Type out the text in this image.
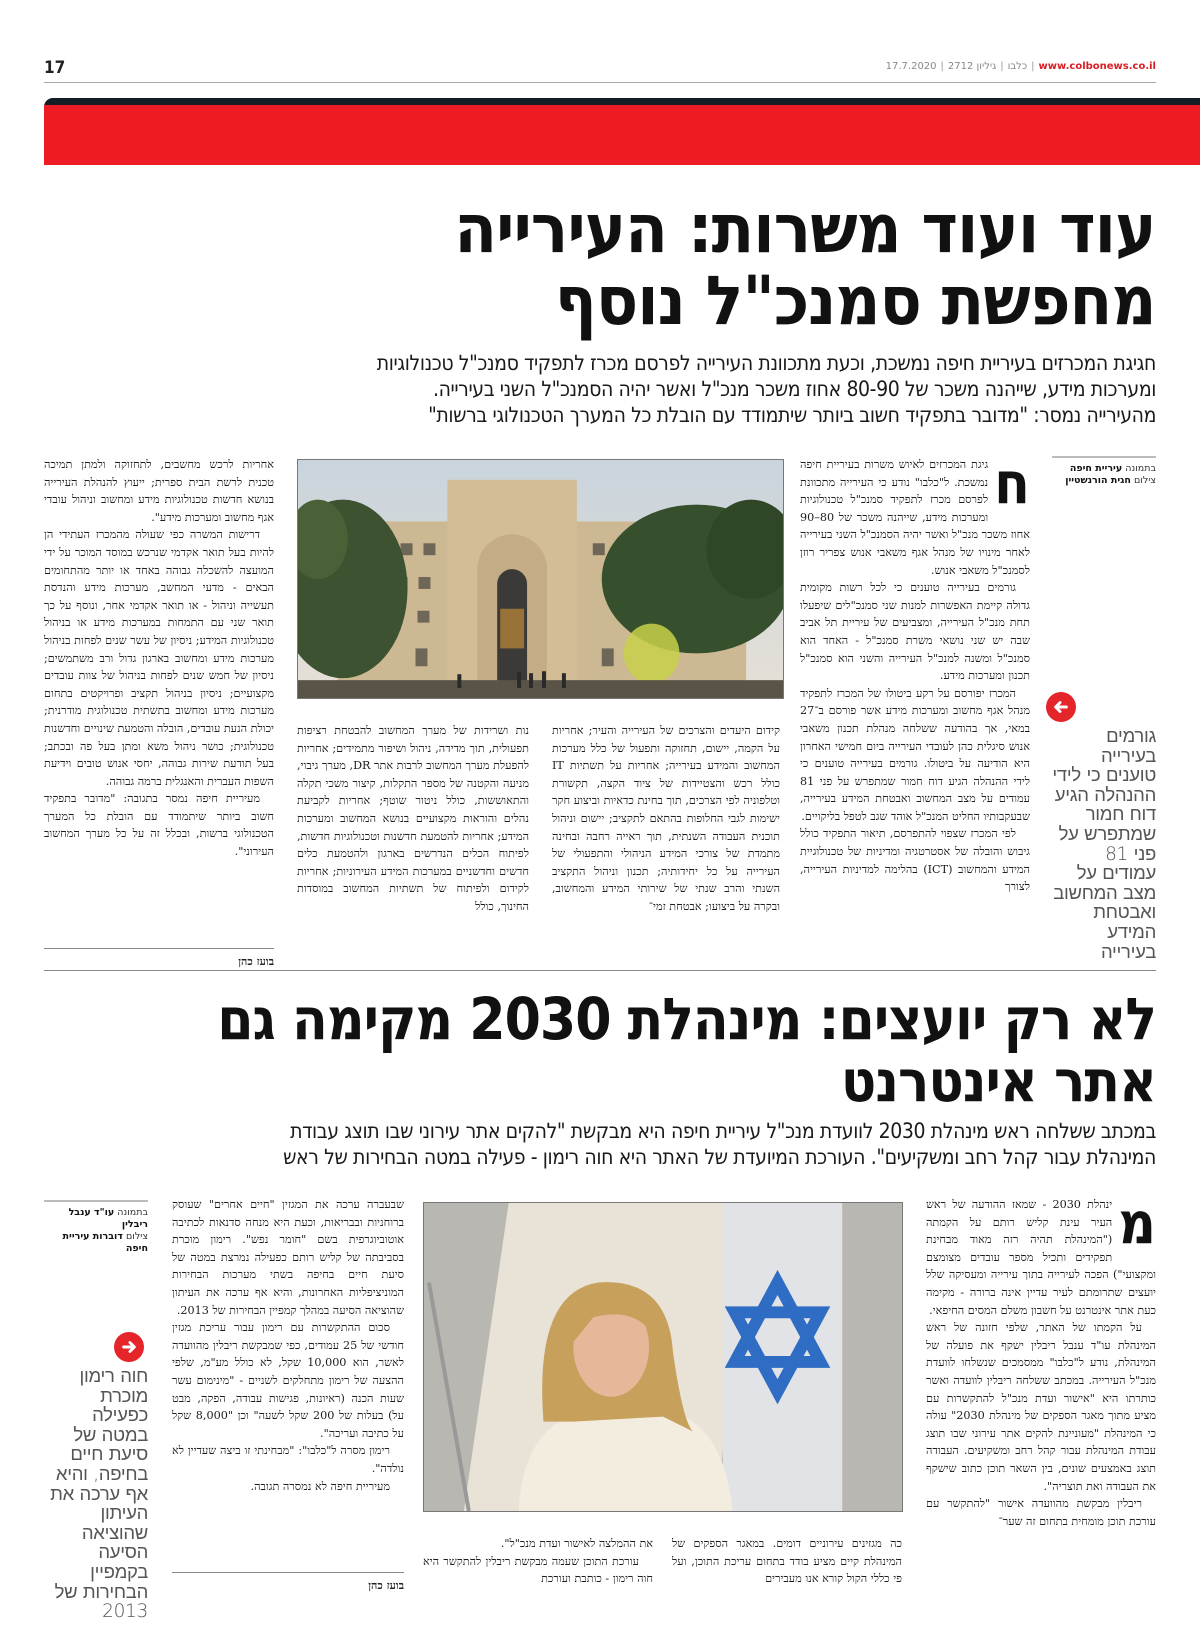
17	www.colbonews.co.il|כלבו|גיליון 2712|17.7.2020
עוד ועוד משרות: העירייה
מחפשת סמנכ"ל נוסף
חגיגת המכרזים בעיריית חיפה נמשכת, וכעת מתכוונת העירייה לפרסם מכרז לתפקיד סמנכ"ל טכנולוגיות
ומערכות מידע, שייהנה משכר של 80-90 אחוז משכר מנכ"ל ואשר יהיה הסמנכ"ל השני בעירייה.
מהעירייה נמסר: "מדובר בתפקיד חשוב ביותר שיתמודד עם הובלת כל המערך הטכנולוגי ברשות"
בתמונה עיריית חיפה
צילום חגית הורנשטיין
גורמים בעירייה טוענים כי לידי ההנהלה הגיע דוח חמור שמתפרש על פני 81 עמודים על מצב המחשוב ואבטחת המידע בעירייה
ח

גיגת המכרזים לאיוש משרות בעיריית חיפה נמשכת. ל"כלבו" נודע כי העירייה מתכוונת לפרסם מכרז לתפקיד סמנכ"ל טכנולוגיות ומערכות מידע, שייהנה משכר של 80–90 אחוז משכר מנכ"ל ואשר יהיה הסמנכ"ל השני בעירייה לאחר מינויו של מנהל אגף משאבי אנוש צפריר רוזן לסמנכ"ל משאבי אנוש.

גורמים בעירייה טוענים כי לכל רשות מקומית גדולה קיימת האפשרות למנות שני סמנכ"לים שיפעלו תחת מנכ"ל העירייה, ומצביעים של עיריית תל אביב שבה יש שני נושאי משרת סמנכ"ל - האחד הוא סמנכ"ל ומשנה למנכ"ל העירייה והשני הוא סמנכ"ל תכנון ומערכות מידע.

המכרז יפורסם על רקע ביטולו של המכרז לתפקיד מנהל אגף מחשוב ומערכות מידע אשר פורסם ב־27 במאי, אך בהודעה ששלחה מנהלת תכנון משאבי אנוש סיגלית כהן לעובדי העירייה ביום חמישי האחרון היא הודיעה על ביטולו. גורמים בעירייה טוענים כי לידי ההנהלה הגיע דוח חמור שמתפרש על פני 81 עמודים על מצב המחשוב ואבטחת המידע בעירייה, שבעקבותיו החליט המנכ"ל אוהד שגב לטפל בליקויים.

לפי המכרז שצפוי להתפרסם, תיאור התפקיד כולל גיבוש והובלה של אסטרטגיה ומדיניות של טכנולוגיית המידע והמחשוב (ICT) בהלימה למדיניות העירייה, לצורך

קידום היעדים והצרכים של העירייה והעיר; אחריות על הקמה, יישום, תחזוקה ותפעול של כלל מערכות המחשוב והמידע בעירייה; אחריות על תשתיות IT כולל רכש והצטיידות של ציוד הקצה, תקשורת וטלפוניה לפי הצרכים, תוך בחינת כדאיות וביצוע חקר ישימות לגבי החלופות בהתאם לתקציב; יישום וניהול תוכנית העבודה השנתית, תוך ראייה רחבה ובחינה מתמדת של צורכי המידע הניהולי והתפעולי של העירייה על כל יחידותיה; תכנון וניהול התקציב השנתי והרב שנתי של שירותי המידע והמחשוב, ובקרה על ביצועו; אבטחת זמי־

נות ושרידות של מערך המחשוב להבטחת רציפות תפעולית, תוך מדידה, ניהול ושיפור מתמידים; אחריות להפעלת מערך המחשוב לרבות אתר DR, מערך גיבוי, מניעה והקטנה של מספר התקלות, קיצור משכי תקלה והתאוששות, כולל ניטור שוטף; אחריות לקביעת נהלים והוראות מקצועיים בנושא המחשוב ומערכות המידע; אחריות להטמעת חדשנות וטכנולוגיות חדשות, לפיתוח הכלים הנדרשים בארגון ולהטמעת כלים חדשים וחדשניים במערכות המידע העירוניות; אחריות לקידום ולפיתוח של תשתיות המחשוב במוסדות החינוך, כולל

אחריות לרכש מחשבים, לתחזוקה ולמתן תמיכה טכנית לרשת הבית ספרית; ייעוץ להנהלת העירייה בנושא חדשות טכנולוגיות מידע ומחשוב וניהול עובדי אגף מחשוב ומערכות מידע".

דרישות המשרה כפי שעולה מהמכרז העתידי הן להיות בעל תואר אקדמי שנרכש במוסד המוכר על ידי המועצה להשכלה גבוהה באחד או יותר מהתחומים הבאים - מדעי המחשב, מערכות מידע והנדסת תעשייה וניהול - או תואר אקדמי אחר, ונוסף על כך תואר שני עם התמחות במערכות מידע או בניהול טכנולוגיות המידע; ניסיון של עשר שנים לפחות בניהול מערכות מידע ומחשוב בארגון גדול ורב משתמשים; ניסיון של חמש שנים לפחות בניהול של צוות עובדים מקצועיים; ניסיון בניהול תקציב ופרויקטים בתחום מערכות מידע ומחשוב בתשתית טכנולוגית מודרנית; יכולת הנעת עובדים, הובלה והטמעת שינויים וחדשנות טכנולוגית; כושר ניהול משא ומתן בעל פה ובכתב; בעל תודעת שירות גבוהה, יחסי אנוש טובים וידיעת השפות העברית והאנגלית ברמה גבוהה.

מעיריית חיפה נמסר בתגובה: "מדובר בתפקיד חשוב ביותר שיתמודד עם הובלת כל המערך הטכנולוגי ברשות, ובכלל זה על כל מערך המחשוב העירוני".

בועז כהן
לא רק יועצים: מינהלת 2030 מקימה גם
אתר אינטרנט
במכתב ששלחה ראש מינהלת 2030 לוועדת מנכ"ל עיריית חיפה היא מבקשת "להקים אתר עירוני שבו תוצג עבודת
המינהלת עבור קהל רחב ומשקיעים". העורכת המיועדת של האתר היא חוה רימון - פעילה במטה הבחירות של ראש
מ

ינהלת 2030 - שמאז ההודעה של ראש העיר עינת קליש רותם על הקמתה ("המינהלת תהיה רזה מאוד מבחינת תפקידים ותכיל מספר עובדים מצומצם ומקצועי") הפכה לעירייה בתוך עירייה ומעסיקה שלל יועצים שתרומתם לעיר עדיין אינה ברורה - מקימה כעת אתר אינטרנט על חשבון משלם המסים החיפאי.

על הקמתו של האתר, שלפי חזונה של ראש המינהלת עו"ד ענבל ריבלין ישקף את פועלה של המינהלת, נודע ל"כלבו" ממסמכים שנשלחו לוועדת מנכ"ל העירייה. במכתב ששלחה ריבלין לוועדה ואשר כותרתו היא "אישור ועדת מנכ"ל להתקשרות עם מציע מתוך מאגר הספקים של מינהלת 2030" עולה כי המינהלת "מעוניינת להקים אתר עירוני שבו תוצג עבודת המינהלת עבור קהל רחב ומשקיעים. העבודה תוצג באמצעים שונים, בין השאר תוכן כתוב שישקף את העבודה ואת תוצריה".

ריבלין מבקשת מהוועדה אישור "להתקשר עם עורכת תוכן מומחית בתחום זה שער־

כה מגזינים עירוניים דומים. במאגר הספקים של המינהלת קיים מציע בודד בתחום עריכת התוכן, ועל פי כללי הקול קורא אנו מעבירים

את ההמלצה לאישור ועדת מנכ"ל".

עורכת התוכן שעמה מבקשת ריבלין להתקשר היא חוה רימון - כותבת ועורכת

שבעברה ערכה את המגזין "חיים אחרים" שעוסק ברוחניות ובבריאות, וכעת היא מנחה סדנאות לכתיבה אוטוביוגרפית בשם "חומר נפש". רימון מוכרת בסביבתה של קליש רותם כפעילה נמרצת במטה של סיעת חיים בחיפה בשתי מערכות הבחירות המוניציפליות האחרונות, והיא אף ערכה את העיתון שהוציאה הסיעה במהלך קמפיין הבחירות של 2013.

סכום ההתקשרות עם רימון עבור עריכת מגזין חודשי של 25 עמודים, כפי שמבקשת ריבלין מהוועדה לאשר, הוא 10,000 שקל, לא כולל מע"מ, שלפי ההצעה של רימון מתחלקים לשניים - "מינימום עשר שעות הכנה (ראיונות, פגישות עבודה, הפקה, מבט על) בעלות של 200 שקל לשעה" וכן "8,000 שקל על כתיבה ועריכה".

רימון מסרה ל"כלבו": "מבחינתי זו ביצה שעדיין לא נולדה".

מעיריית חיפה לא נמסרה תגובה.

בועז כהן
בתמונה עו"ד ענבל ריבלין
צילום דוברות עיריית חיפה
חוה רימון מוכרת כפעילה במטה של סיעת חיים בחיפה, והיא אף ערכה את העיתון שהוציאה הסיעה בקמפיין הבחירות של 2013
